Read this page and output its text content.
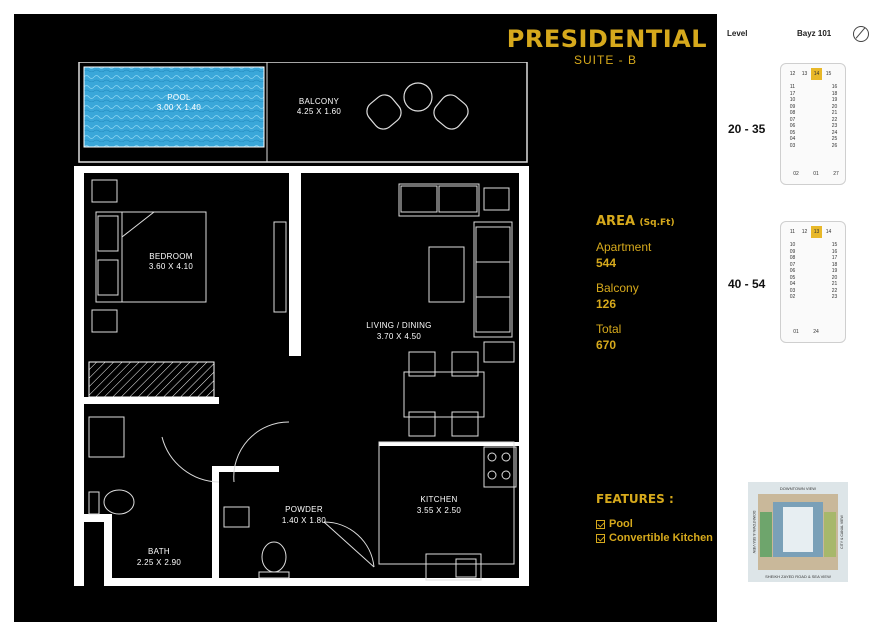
PRESIDENTIAL
SUITE - B
POOL
3.00 X 1.40
BALCONY
4.25 X 1.60
BEDROOM
3.60 X 4.10
LIVING / DINING
3.70 X 4.50
KITCHEN
3.55 X 2.50
POWDER
1.40 X 1.80
BATH
2.25 X 2.90
AREA (Sq.Ft)
Apartment
544
Balcony
126
Total
670
FEATURES :
Pool
Convertible Kitchen
Level	Bayz 101
20 - 35
40 - 54
12	13	14	15
11	16
17	18
10	19
09	20
08	21
07	22
06	23
05	24
04	25
03	26
02	01	27
11	12	13	14
10	15
09	16
08	17
07	18
06	19
05	20
04	21
03	22
02	23
01	24
DOWNTOWN VIEW
SHEIKH ZAYED ROAD & SEA VIEW
DOWNTOWN & SEA VIEW	CITY & CANAL VIEW
